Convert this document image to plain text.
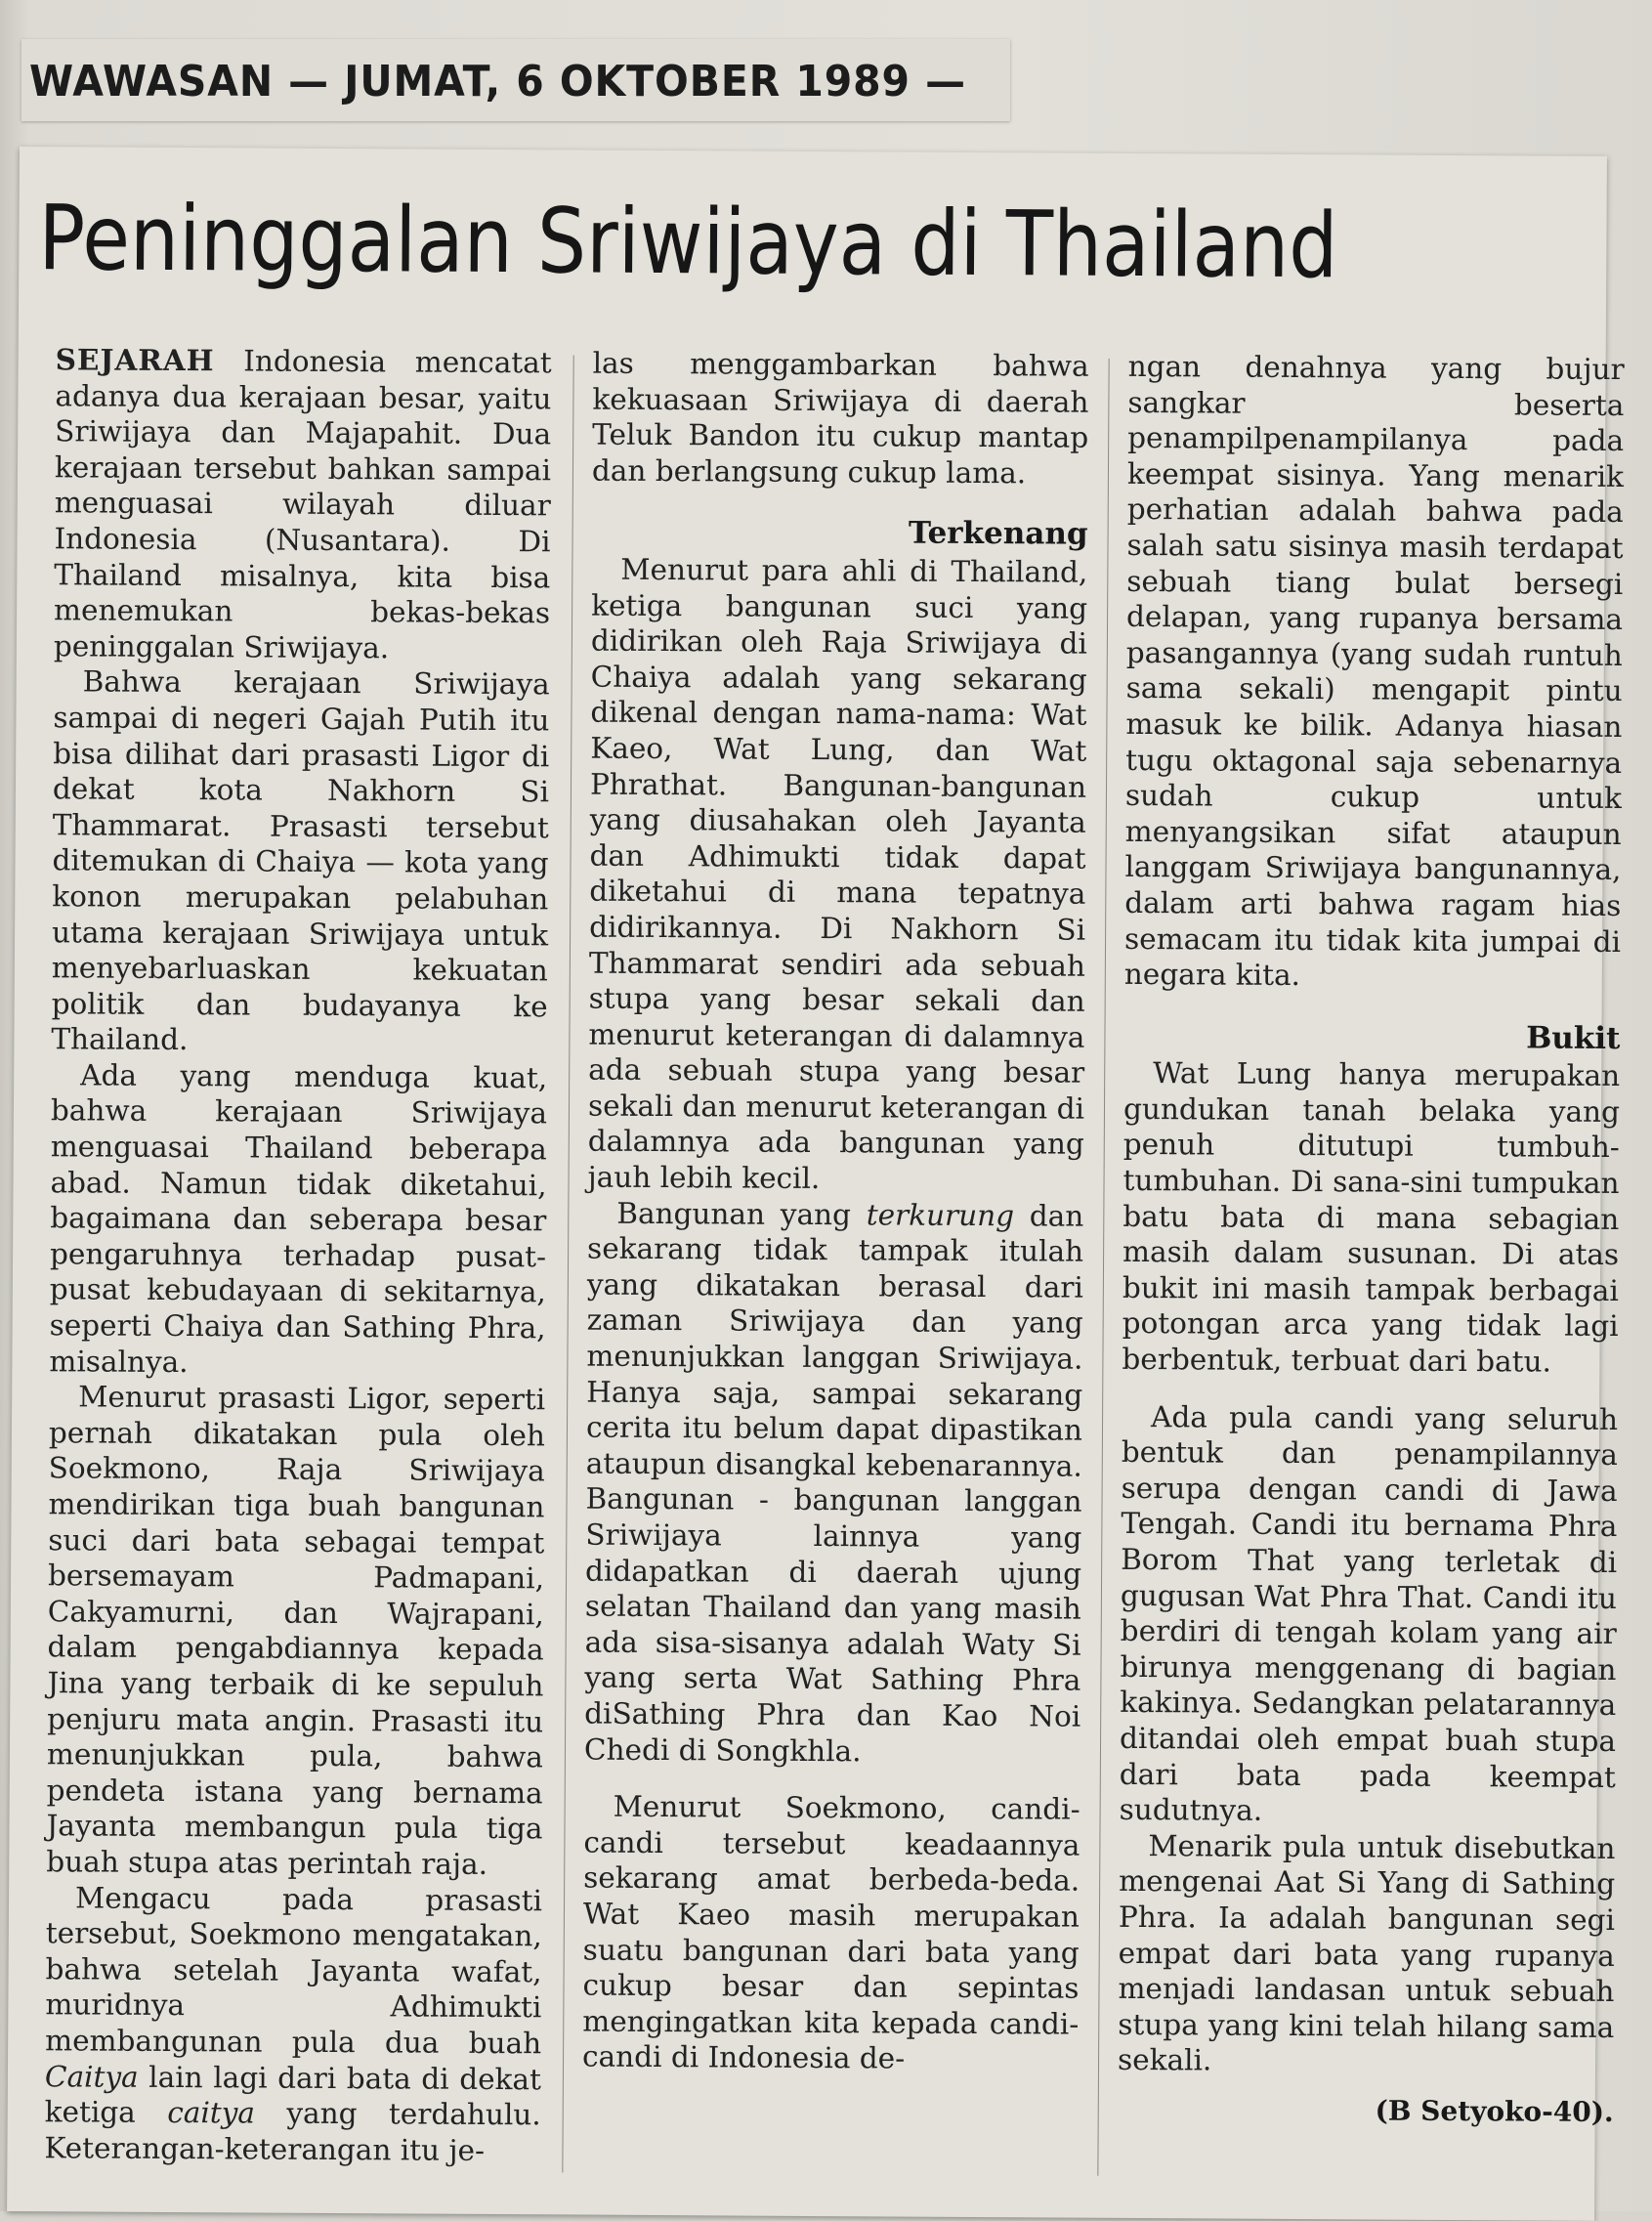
WAWASAN — JUMAT, 6 OKTOBER 1989 —
Peninggalan Sriwijaya di Thailand

SEJARAH Indonesia mencatat adanya dua kerajaan besar, yaitu Sriwijaya dan Majapahit. Dua kerajaan tersebut bahkan sampai menguasai wilayah diluar Indonesia (Nusantara). Di Thailand misalnya, kita bisa menemukan bekas-bekas peninggalan Sriwijaya.

Bahwa kerajaan Sriwijaya sampai di negeri Gajah Putih itu bisa dilihat dari prasasti Ligor di dekat kota Nakhorn Si Thammarat. Prasasti tersebut ditemukan di Chaiya — kota yang konon merupakan pelabuhan utama kerajaan Sriwijaya untuk menyebarluaskan kekuatan politik dan budayanya ke Thailand.

Ada yang menduga kuat, bahwa kerajaan Sriwijaya menguasai Thailand beberapa abad. Namun tidak diketahui, bagaimana dan seberapa besar pengaruhnya terhadap pusat-pusat kebudayaan di sekitarnya, seperti Chaiya dan Sathing Phra, misalnya.

Menurut prasasti Ligor, seperti pernah dikatakan pula oleh Soekmono, Raja Sriwijaya mendirikan tiga buah bangunan suci dari bata sebagai tempat bersemayam Padmapani, Cakyamurni, dan Wajrapani, dalam pengabdiannya kepada Jina yang terbaik di ke sepuluh penjuru mata angin. Prasasti itu menunjukkan pula, bahwa pendeta istana yang bernama Jayanta membangun pula tiga buah stupa atas perintah raja.

Mengacu pada prasasti tersebut, Soekmono mengatakan, bahwa setelah Jayanta wafat, muridnya Adhimukti membangunan pula dua buah Caitya lain lagi dari bata di dekat ketiga caitya yang terdahulu. Keterangan-keterangan itu je-

las menggambarkan bahwa kekuasaan Sriwijaya di daerah Teluk Bandon itu cukup mantap dan berlangsung cukup lama.

Terkenang

Menurut para ahli di Thailand, ketiga bangunan suci yang didirikan oleh Raja Sriwijaya di Chaiya adalah yang sekarang dikenal dengan nama-nama: Wat Kaeo, Wat Lung, dan Wat Phrathat. Bangunan-bangunan yang diusahakan oleh Jayanta dan Adhimukti tidak dapat diketahui di mana tepatnya didirikannya. Di Nakhorn Si Thammarat sendiri ada sebuah stupa yang besar sekali dan menurut keterangan di dalamnya ada sebuah stupa yang besar sekali dan menurut keterangan di dalamnya ada bangunan yang jauh lebih kecil.

Bangunan yang terkurung dan sekarang tidak tampak itulah yang dikatakan berasal dari zaman Sriwijaya dan yang menunjukkan langgan Sriwijaya. Hanya saja, sampai sekarang cerita itu belum dapat dipastikan ataupun disangkal kebenarannya. Bangunan - bangunan langgan Sriwijaya lainnya yang didapatkan di daerah ujung selatan Thailand dan yang masih ada sisa-sisanya adalah Waty Si yang serta Wat Sathing Phra diSathing Phra dan Kao Noi Chedi di Songkhla.

Menurut Soekmono, candi-candi tersebut keadaannya sekarang amat berbeda-beda. Wat Kaeo masih merupakan suatu bangunan dari bata yang cukup besar dan sepintas mengingatkan kita kepada candi-candi di Indonesia de-

ngan denahnya yang bujur sangkar beserta penampilpenampilanya pada keempat sisinya. Yang menarik perhatian adalah bahwa pada salah satu sisinya masih terdapat sebuah tiang bulat bersegi delapan, yang rupanya bersama pasangannya (yang sudah runtuh sama sekali) mengapit pintu masuk ke bilik. Adanya hiasan tugu oktagonal saja sebenarnya sudah cukup untuk menyangsikan sifat ataupun langgam Sriwijaya bangunannya, dalam arti bahwa ragam hias semacam itu tidak kita jumpai di negara kita.

Bukit

Wat Lung hanya merupakan gundukan tanah belaka yang penuh ditutupi tumbuh-tumbuhan. Di sana-sini tumpukan batu bata di mana sebagian masih dalam susunan. Di atas bukit ini masih tampak berbagai potongan arca yang tidak lagi berbentuk, terbuat dari batu.

Ada pula candi yang seluruh bentuk dan penampilannya serupa dengan candi di Jawa Tengah. Candi itu bernama Phra Borom That yang terletak di gugusan Wat Phra That. Candi itu berdiri di tengah kolam yang air birunya menggenang di bagian kakinya. Sedangkan pelatarannya ditandai oleh empat buah stupa dari bata pada keempat sudutnya.

Menarik pula untuk disebutkan mengenai Aat Si Yang di Sathing Phra. Ia adalah bangunan segi empat dari bata yang rupanya menjadi landasan untuk sebuah stupa yang kini telah hilang sama sekali.

(B Setyoko-40).
